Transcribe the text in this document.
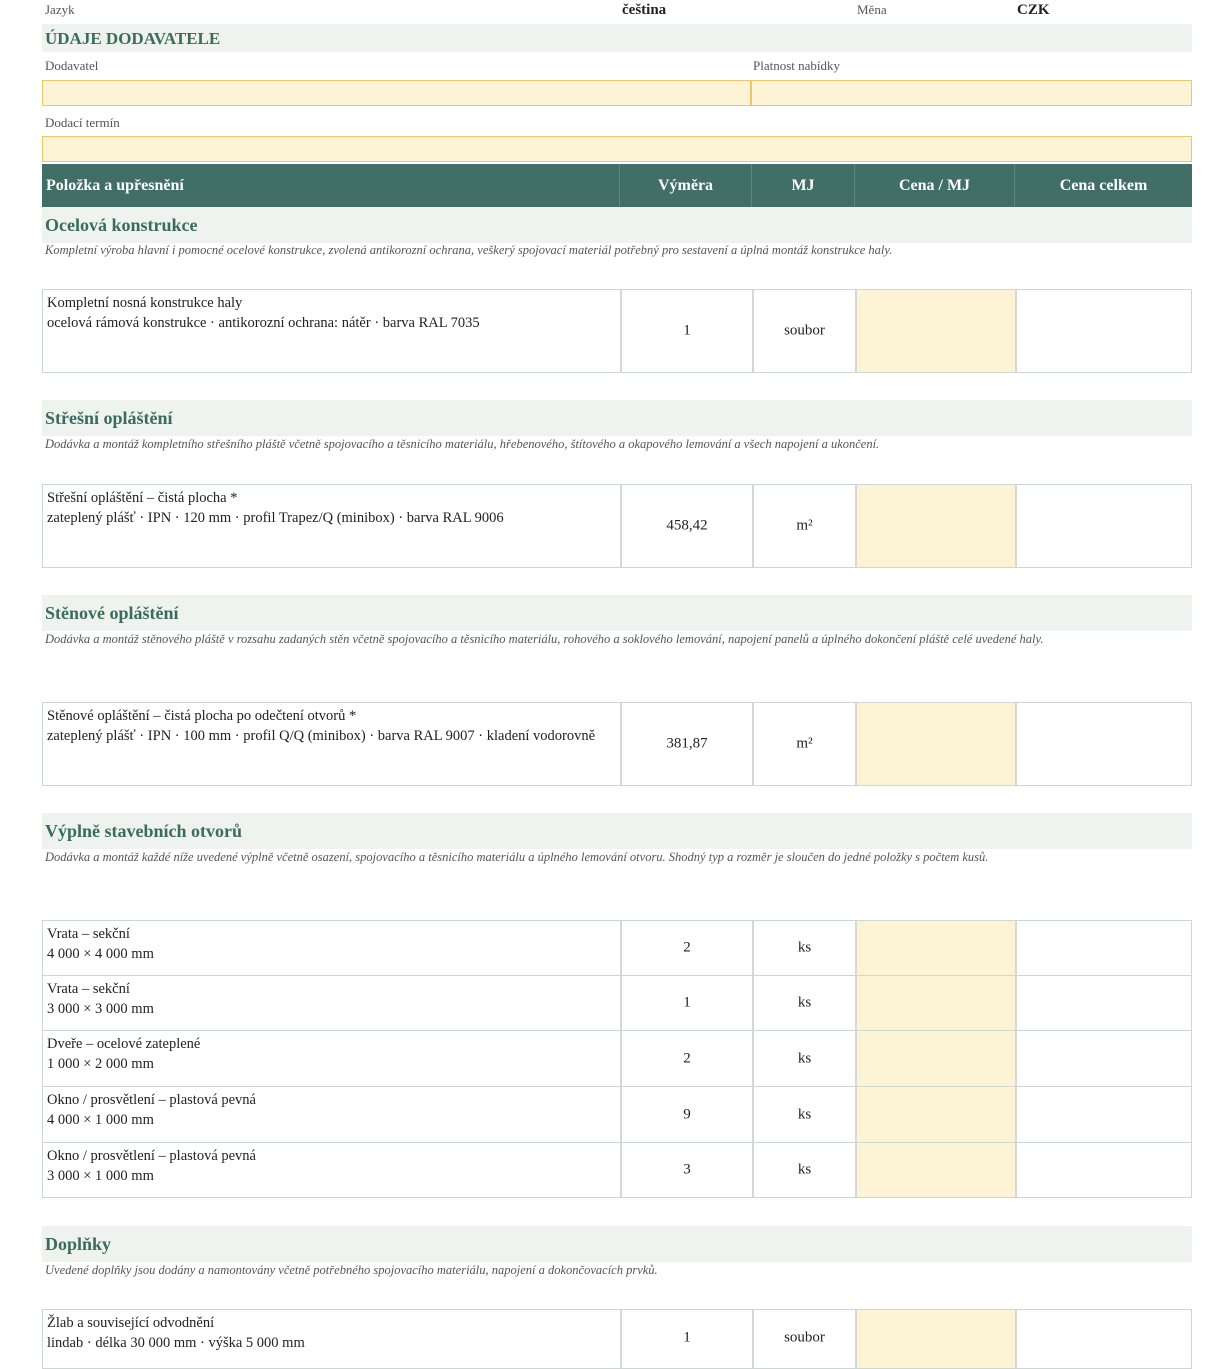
Jazyk	čeština	Měna	CZK
ÚDAJE DODAVATELE
Dodavatel	Platnost nabídky
Dodací termín
Položka a upřesnění	Výměra	MJ	Cena / MJ	Cena celkem
Ocelová konstrukce
Kompletní výroba hlavní i pomocné ocelové konstrukce, zvolená antikorozní ochrana, veškerý spojovací materiál potřebný pro sestavení a úplná montáž konstrukce haly.
Kompletní nosná konstrukce haly
ocelová rámová konstrukce · antikorozní ochrana: nátěr · barva RAL 7035	1	soubor
Střešní opláštění
Dodávka a montáž kompletního střešního pláště včetně spojovacího a těsnicího materiálu, hřebenového, štítového a okapového lemování a všech napojení a ukončení.
Střešní opláštění – čistá plocha *
zateplený plášť · IPN · 120 mm · profil Trapez/Q (minibox) · barva RAL 9006	458,42	m²
Stěnové opláštění
Dodávka a montáž stěnového pláště v rozsahu zadaných stěn včetně spojovacího a těsnicího materiálu, rohového a soklového lemování, napojení panelů a úplného dokončení pláště celé uvedené haly.
Stěnové opláštění – čistá plocha po odečtení otvorů *
zateplený plášť · IPN · 100 mm · profil Q/Q (minibox) · barva RAL 9007 · kladení vodorovně	381,87	m²
Výplně stavebních otvorů
Dodávka a montáž každé níže uvedené výplně včetně osazení, spojovacího a těsnicího materiálu a úplného lemování otvoru. Shodný typ a rozměr je sloučen do jedné položky s počtem kusů.
Vrata – sekční
4 000 × 4 000 mm	2	ks
Vrata – sekční
3 000 × 3 000 mm	1	ks
Dveře – ocelové zateplené
1 000 × 2 000 mm	2	ks
Okno / prosvětlení – plastová pevná
4 000 × 1 000 mm	9	ks
Okno / prosvětlení – plastová pevná
3 000 × 1 000 mm	3	ks
Doplňky
Uvedené doplňky jsou dodány a namontovány včetně potřebného spojovacího materiálu, napojení a dokončovacích prvků.
Žlab a související odvodnění
lindab · délka 30 000 mm · výška 5 000 mm	1	soubor
